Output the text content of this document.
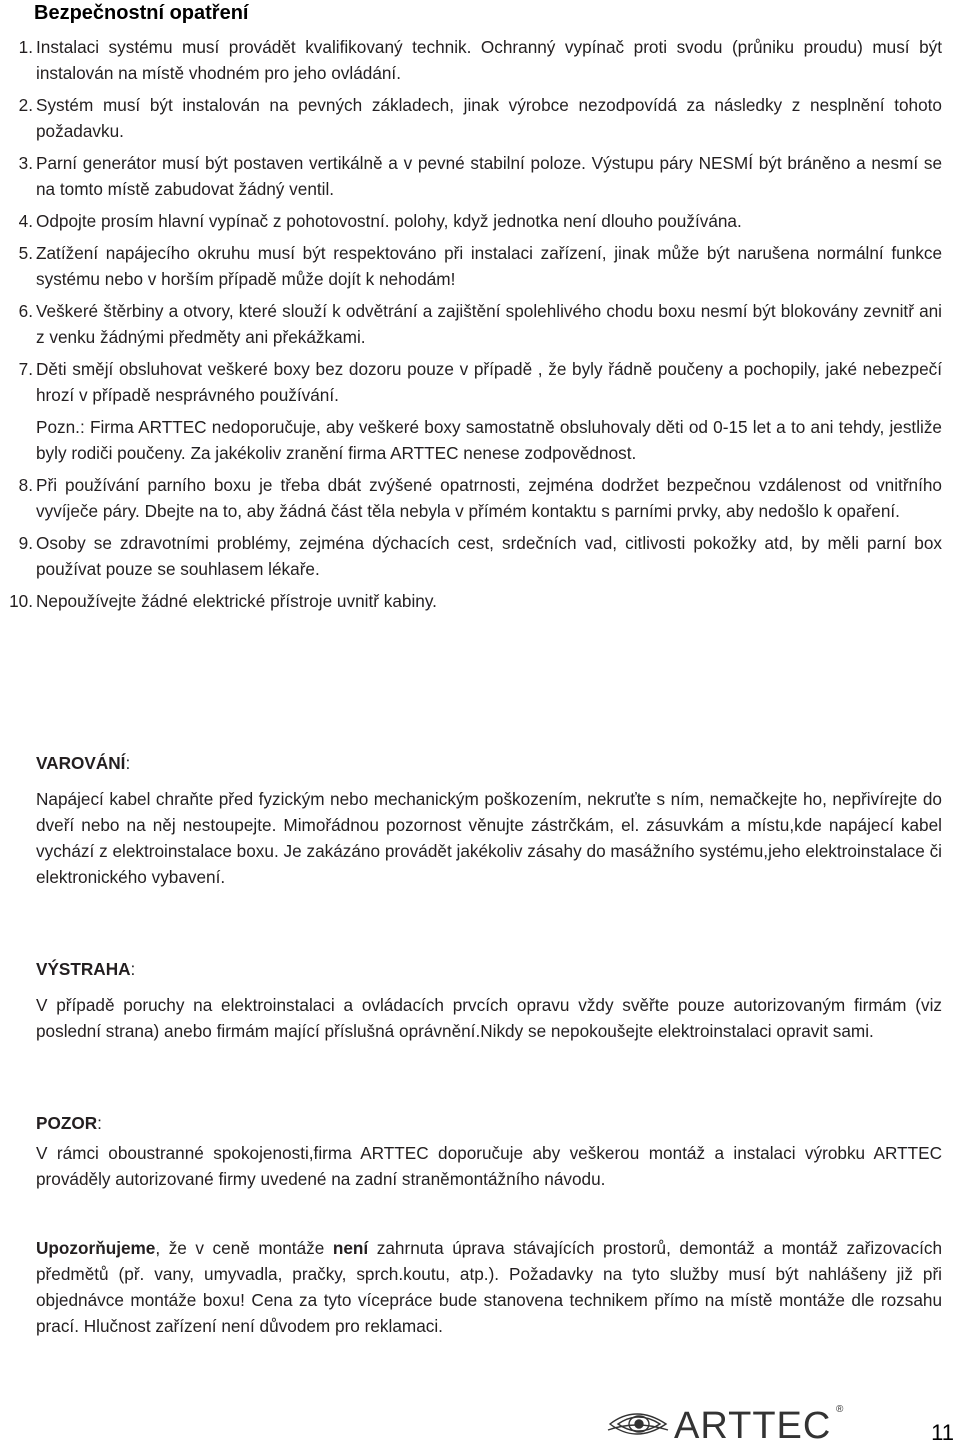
Bezpečnostní opatření
1. Instalaci systému musí provádět kvalifikovaný technik. Ochranný vypínač proti svodu (průniku proudu) musí být instalován na místě vhodném pro jeho ovládání.
2. Systém musí být instalován na pevných základech, jinak výrobce nezodpovídá za následky z nesplnění tohoto požadavku.
3. Parní generátor musí být postaven vertikálně a v pevné stabilní poloze. Výstupu páry NESMÍ být bráněno a nesmí se na tomto místě zabudovat žádný ventil.
4. Odpojte prosím hlavní vypínač z pohotovostní. polohy, když jednotka není dlouho používána.
5. Zatížení napájecího okruhu musí být respektováno při instalaci zařízení, jinak může být narušena normální funkce systému nebo v horším případě může dojít k nehodám!
6. Veškeré štěrbiny a otvory, které slouží k odvětrání a zajištění spolehlivého chodu boxu nesmí být blokovány zevnitř ani z venku žádnými předměty ani překážkami.
7. Děti smějí obsluhovat veškeré boxy bez dozoru pouze v případě , že byly řádně poučeny a pochopily, jaké nebezpečí hrozí v případě nesprávného používání.
Pozn.: Firma ARTTEC nedoporučuje, aby veškeré boxy samostatně obsluhovaly děti od 0-15 let a to ani tehdy, jestliže byly rodiči poučeny. Za jakékoliv zranění firma ARTTEC nenese zodpovědnost.
8. Při používání parního boxu je třeba dbát zvýšené opatrnosti, zejména dodržet bezpečnou vzdálenost od vnitřního vyvíječe páry. Dbejte na to, aby žádná část těla nebyla v přímém kontaktu s parními prvky, aby nedošlo k opaření.
9. Osoby se zdravotními problémy, zejména dýchacích cest, srdečních vad, citlivosti pokožky atd, by měli parní box používat pouze se souhlasem lékaře.
10. Nepoužívejte žádné elektrické přístroje uvnitř kabiny.

VAROVÁNÍ:

Napájecí kabel chraňte před fyzickým nebo mechanickým poškozením, nekruťte s ním, nemačkejte ho, nepřivírejte do dveří nebo na něj nestoupejte. Mimořádnou pozornost věnujte zástrčkám, el. zásuvkám a místu,kde napájecí kabel vychází z elektroinstalace boxu. Je zakázáno provádět jakékoliv zásahy do masážního systému,jeho elektroinstalace či elektronického vybavení.

VÝSTRAHA:

V případě poruchy na elektroinstalaci a ovládacích prvcích opravu vždy svěřte pouze autorizovaným firmám (viz poslední strana) anebo firmám mající příslušná oprávnění.Nikdy se nepokoušejte elektroinstalaci opravit sami.

POZOR:

V rámci oboustranné spokojenosti,firma ARTTEC doporučuje aby veškerou montáž a instalaci výrobku ARTTEC prováděly autorizované firmy uvedené na zadní straněmontážního návodu.

Upozorňujeme, že v ceně montáže není zahrnuta úprava stávajících prostorů, demontáž a montáž zařizovacích předmětů (př. vany, umyvadla, pračky, sprch.koutu, atp.). Požadavky na tyto služby musí být nahlášeny již při objednávce montáže boxu! Cena za tyto vícepráce bude stanovena technikem přímo na místě montáže dle rozsahu prací. Hlučnost zařízení není důvodem pro reklamaci.

ARTTEC ®
11
